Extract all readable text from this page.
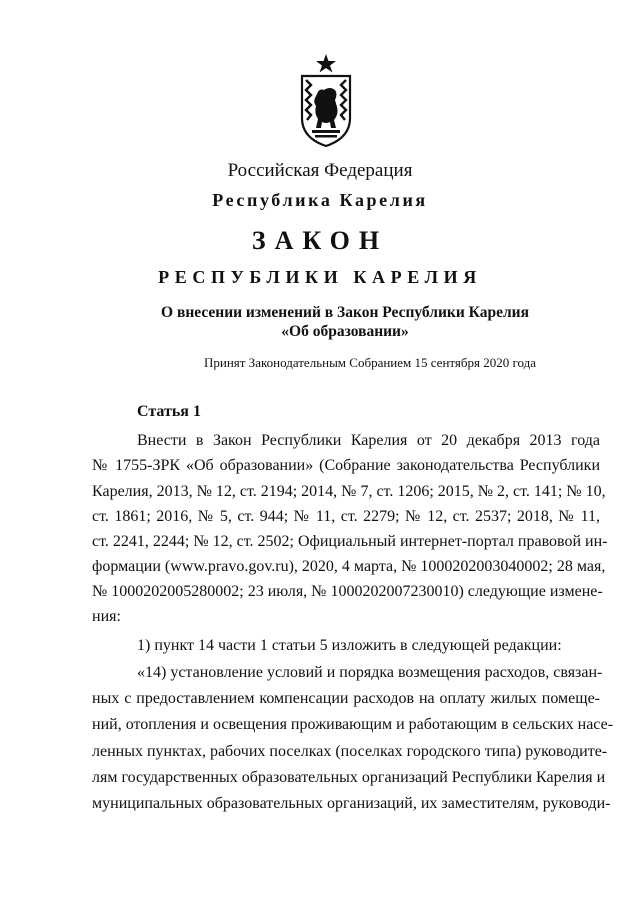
Российская Федерация
Республика Карелия
ЗАКОН
РЕСПУБЛИКИ КАРЕЛИЯ
О внесении изменений в Закон Республики Карелия
«Об образовании»
Принят Законодательным Собранием 15 сентября 2020 года
Статья 1
Внести в Закон Республики Карелия от 20 декабря 2013 года
№ 1755-ЗРК «Об образовании» (Собрание законодательства Республики
Карелия, 2013, № 12, ст. 2194; 2014, № 7, ст. 1206; 2015, № 2, ст. 141; № 10,
ст. 1861; 2016, № 5, ст. 944; № 11, ст. 2279; № 12, ст. 2537; 2018, № 11,
ст. 2241, 2244; № 12, ст. 2502; Официальный интернет-портал правовой ин-
формации (www.pravo.gov.ru), 2020, 4 марта, № 1000202003040002; 28 мая,
№ 1000202005280002; 23 июля, № 1000202007230010) следующие измене-
ния:
1) пункт 14 части 1 статьи 5 изложить в следующей редакции:
«14) установление условий и порядка возмещения расходов, связан-
ных с предоставлением компенсации расходов на оплату жилых помеще-
ний, отопления и освещения проживающим и работающим в сельских насе-
ленных пунктах, рабочих поселках (поселках городского типа) руководите-
лям государственных образовательных организаций Республики Карелия и
муниципальных образовательных организаций, их заместителям, руководи-
